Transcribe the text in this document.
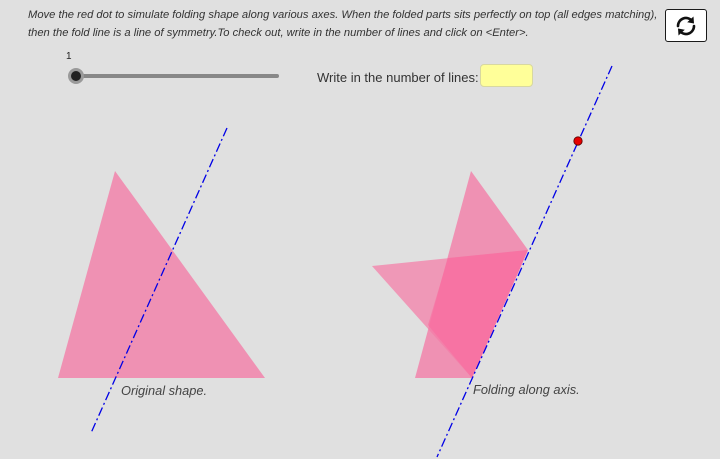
Move the red dot to simulate folding shape along various axes. When the folded parts sits perfectly on top (all edges matching), then the fold line is a line of symmetry.To check out, write in the number of lines and click on <Enter>.

1
Write in the number of lines:
Original shape.	Folding along axis.
